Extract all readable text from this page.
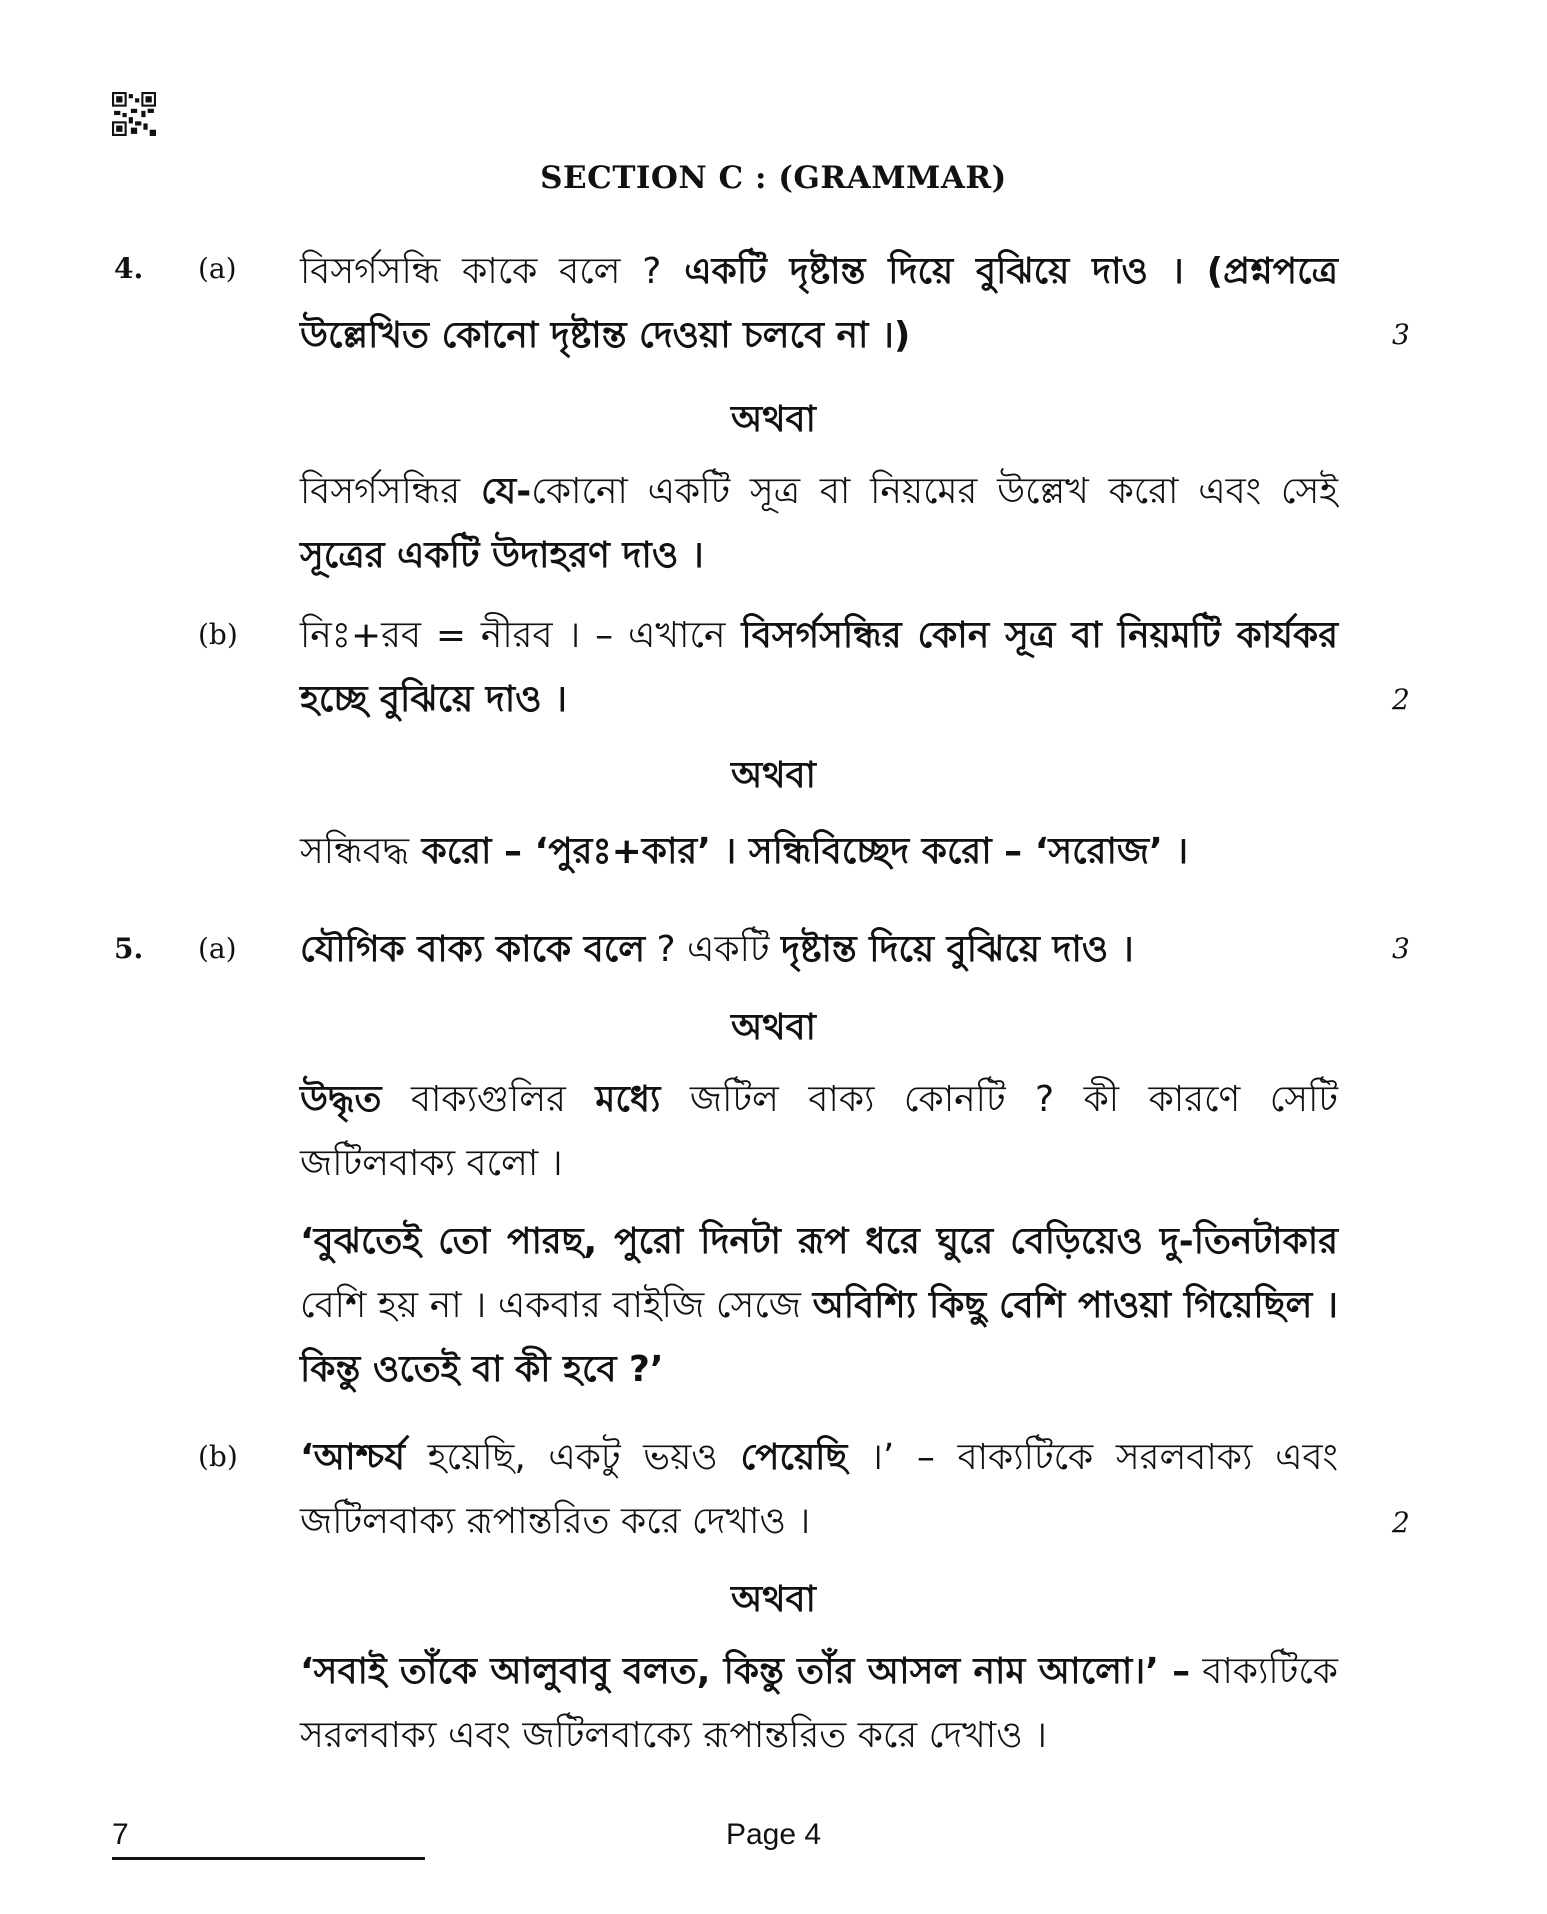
SECTION C : (GRAMMAR)
4. (a) বিসর্গসন্ধি কাকে বলে ? একটি দৃষ্টান্ত দিয়ে বুঝিয়ে দাও । (প্রশ্নপত্রে উল্লেখিত কোনো দৃষ্টান্ত দেওয়া চলবে না ।)	3
অথবা
বিসর্গসন্ধির যে-কোনো একটি সূত্র বা নিয়মের উল্লেখ করো এবং সেই সূত্রের একটি উদাহরণ দাও ।
(b) নিঃ+রব = নীরব । – এখানে বিসর্গসন্ধির কোন সূত্র বা নিয়মটি কার্যকর হচ্ছে বুঝিয়ে দাও ।	2
অথবা
সন্ধিবদ্ধ করো – ‘পুরঃ+কার’ । সন্ধিবিচ্ছেদ করো – ‘সরোজ’ ।
5. (a) যৌগিক বাক্য কাকে বলে ? একটি দৃষ্টান্ত দিয়ে বুঝিয়ে দাও ।	3
অথবা
উদ্ধৃত বাক্যগুলির মধ্যে জটিল বাক্য কোনটি ? কী কারণে সেটি জটিলবাক্য বলো ।
‘বুঝতেই তো পারছ, পুরো দিনটা রূপ ধরে ঘুরে বেড়িয়েও দু-তিনটাকার বেশি হয় না । একবার বাইজি সেজে অবিশ্যি কিছু বেশি পাওয়া গিয়েছিল । কিন্তু ওতেই বা কী হবে ?’
(b) ‘আশ্চর্য হয়েছি, একটু ভয়ও পেয়েছি ।’ – বাক্যটিকে সরলবাক্য এবং জটিলবাক্য রূপান্তরিত করে দেখাও ।	2
অথবা
‘সবাই তাঁকে আলুবাবু বলত, কিন্তু তাঁর আসল নাম আলো।’ – বাক্যটিকে সরলবাক্য এবং জটিলবাক্যে রূপান্তরিত করে দেখাও ।
7	Page 4
